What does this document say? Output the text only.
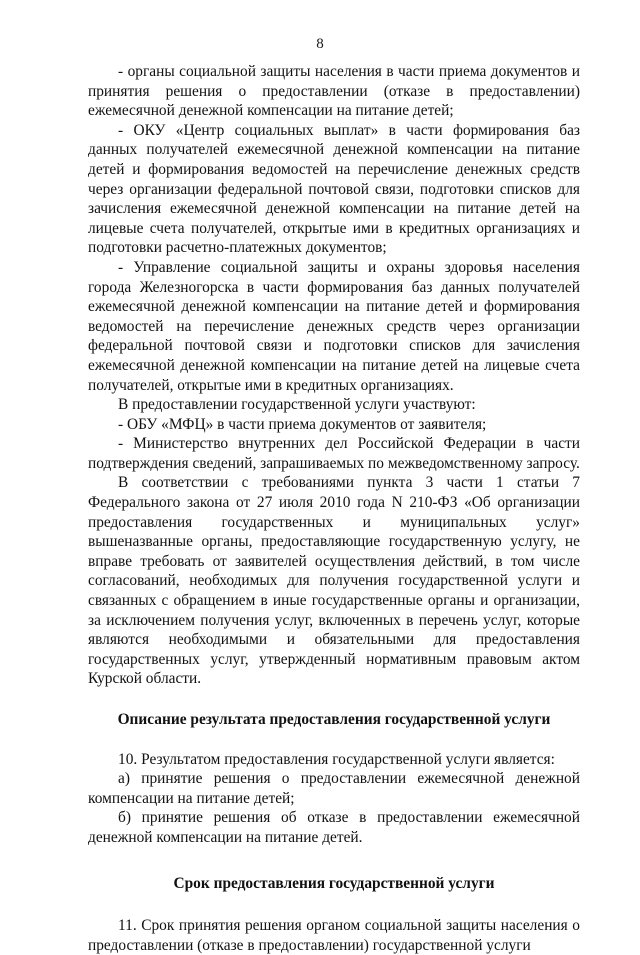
8

- органы социальной защиты населения в части приема документов и принятия решения о предоставлении (отказе в предоставлении) ежемесячной денежной компенсации на питание детей;

- ОКУ «Центр социальных выплат» в части формирования баз данных получателей ежемесячной денежной компенсации на питание детей и формирования ведомостей на перечисление денежных средств через организации федеральной почтовой связи, подготовки списков для зачисления ежемесячной денежной компенсации на питание детей на лицевые счета получателей, открытые ими в кредитных организациях и подготовки расчетно-платежных документов;

- Управление социальной защиты и охраны здоровья населения города Железногорска в части формирования баз данных получателей ежемесячной денежной компенсации на питание детей и формирования ведомостей на перечисление денежных средств через организации федеральной почтовой связи и подготовки списков для зачисления ежемесячной денежной компенсации на питание детей на лицевые счета получателей, открытые ими в кредитных организациях.

В предоставлении государственной услуги участвуют:

- ОБУ «МФЦ» в части приема документов от заявителя;

- Министерство внутренних дел Российской Федерации в части подтверждения сведений, запрашиваемых по межведомственному запросу.

В соответствии с требованиями пункта 3 части 1 статьи 7 Федерального закона от 27 июля 2010 года N 210-ФЗ «Об организации предоставления государственных и муниципальных услуг» вышеназванные органы, предоставляющие государственную услугу, не вправе требовать от заявителей осуществления действий, в том числе согласований, необходимых для получения государственной услуги и связанных с обращением в иные государственные органы и организации, за исключением получения услуг, включенных в перечень услуг, которые являются необходимыми и обязательными для предоставления государственных услуг, утвержденный нормативным правовым актом Курской области.

Описание результата предоставления государственной услуги

10. Результатом предоставления государственной услуги является:

а) принятие решения о предоставлении ежемесячной денежной компенсации на питание детей;

б) принятие решения об отказе в предоставлении ежемесячной денежной компенсации на питание детей.

Срок предоставления государственной услуги

11. Срок принятия решения органом социальной защиты населения о предоставлении (отказе в предоставлении) государственной услуги
